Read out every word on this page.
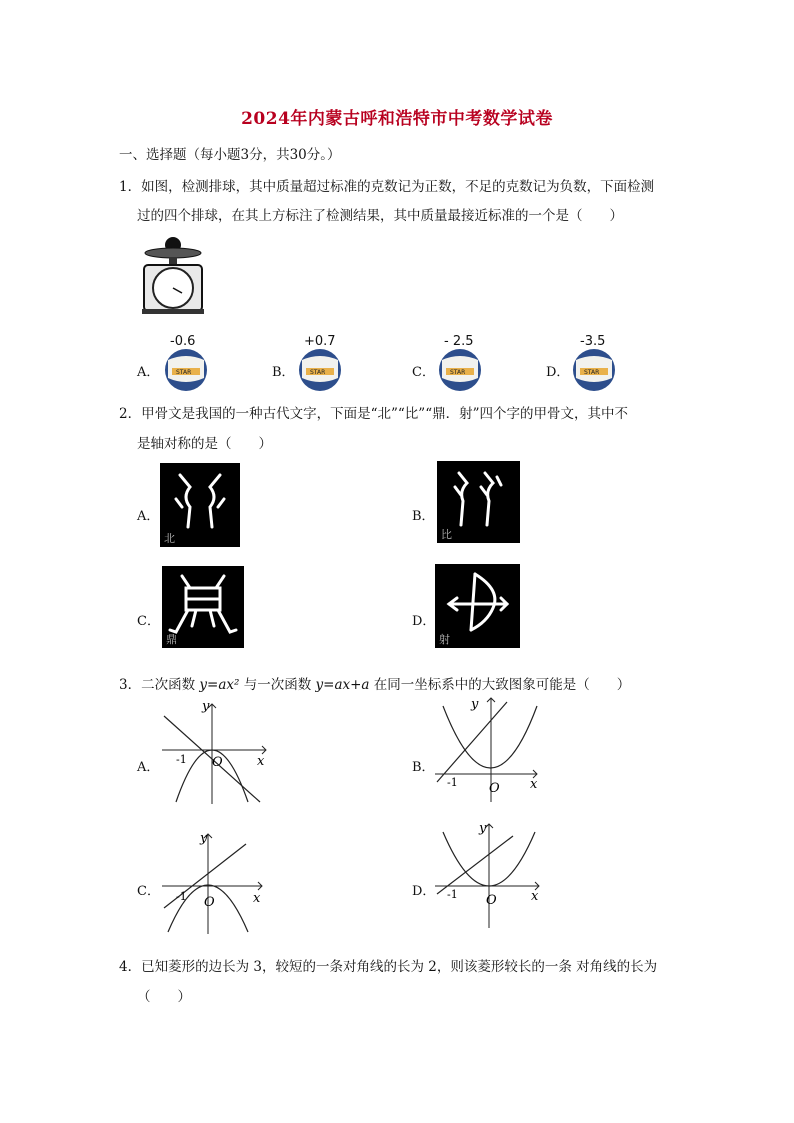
2024年内蒙古呼和浩特市中考数学试卷
一、选择题（每小题3分，共30分。）
1．如图，检测排球，其中质量超过标准的克数记为正数，不足的克数记为负数，下面检测
过的四个排球，在其上方标注了检测结果，其中质量最接近标准的一个是（　　）
A．
-0.6
STAR	B．
+0.7
STAR	C．
- 2.5
STAR	D．
-3.5
STAR
2．甲骨文是我国的一种古代文字，下面是“北”“比”“鼎．射”四个字的甲骨文，其中不
是轴对称的是（　　）
A．
北
B．
比
C．
鼎
D．
射
3．二次函数 y=ax² 与一次函数 y=ax+a 在同一坐标系中的大致图象可能是（　　）
A．
y
x
O
-1
B．
y
x
O
-1
C．
y
x
O
-1	D．
y
x
O
-1
4．已知菱形的边长为 3，较短的一条对角线的长为 2，则该菱形较长的一条 对角线的长为
（　　）
